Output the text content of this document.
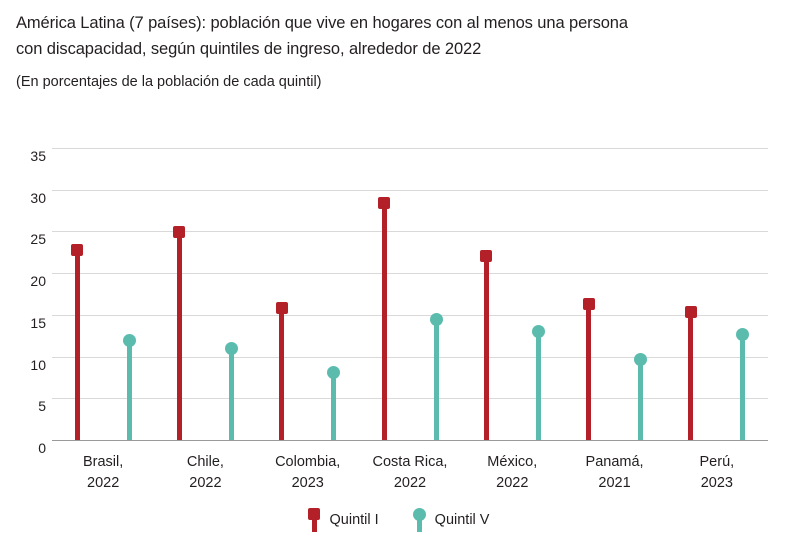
América Latina (7 países): población que vive en hogares con al menos una persona
con discapacidad, según quintiles de ingreso, alrededor de 2022
(En porcentajes de la población de cada quintil)
0
5
10
15
20
25
30
35
Brasil,
2022
Chile,
2022
Colombia,
2023
Costa Rica,
2022
México,
2022
Panamá,
2021
Perú,
2023
Quintil I	Quintil V
